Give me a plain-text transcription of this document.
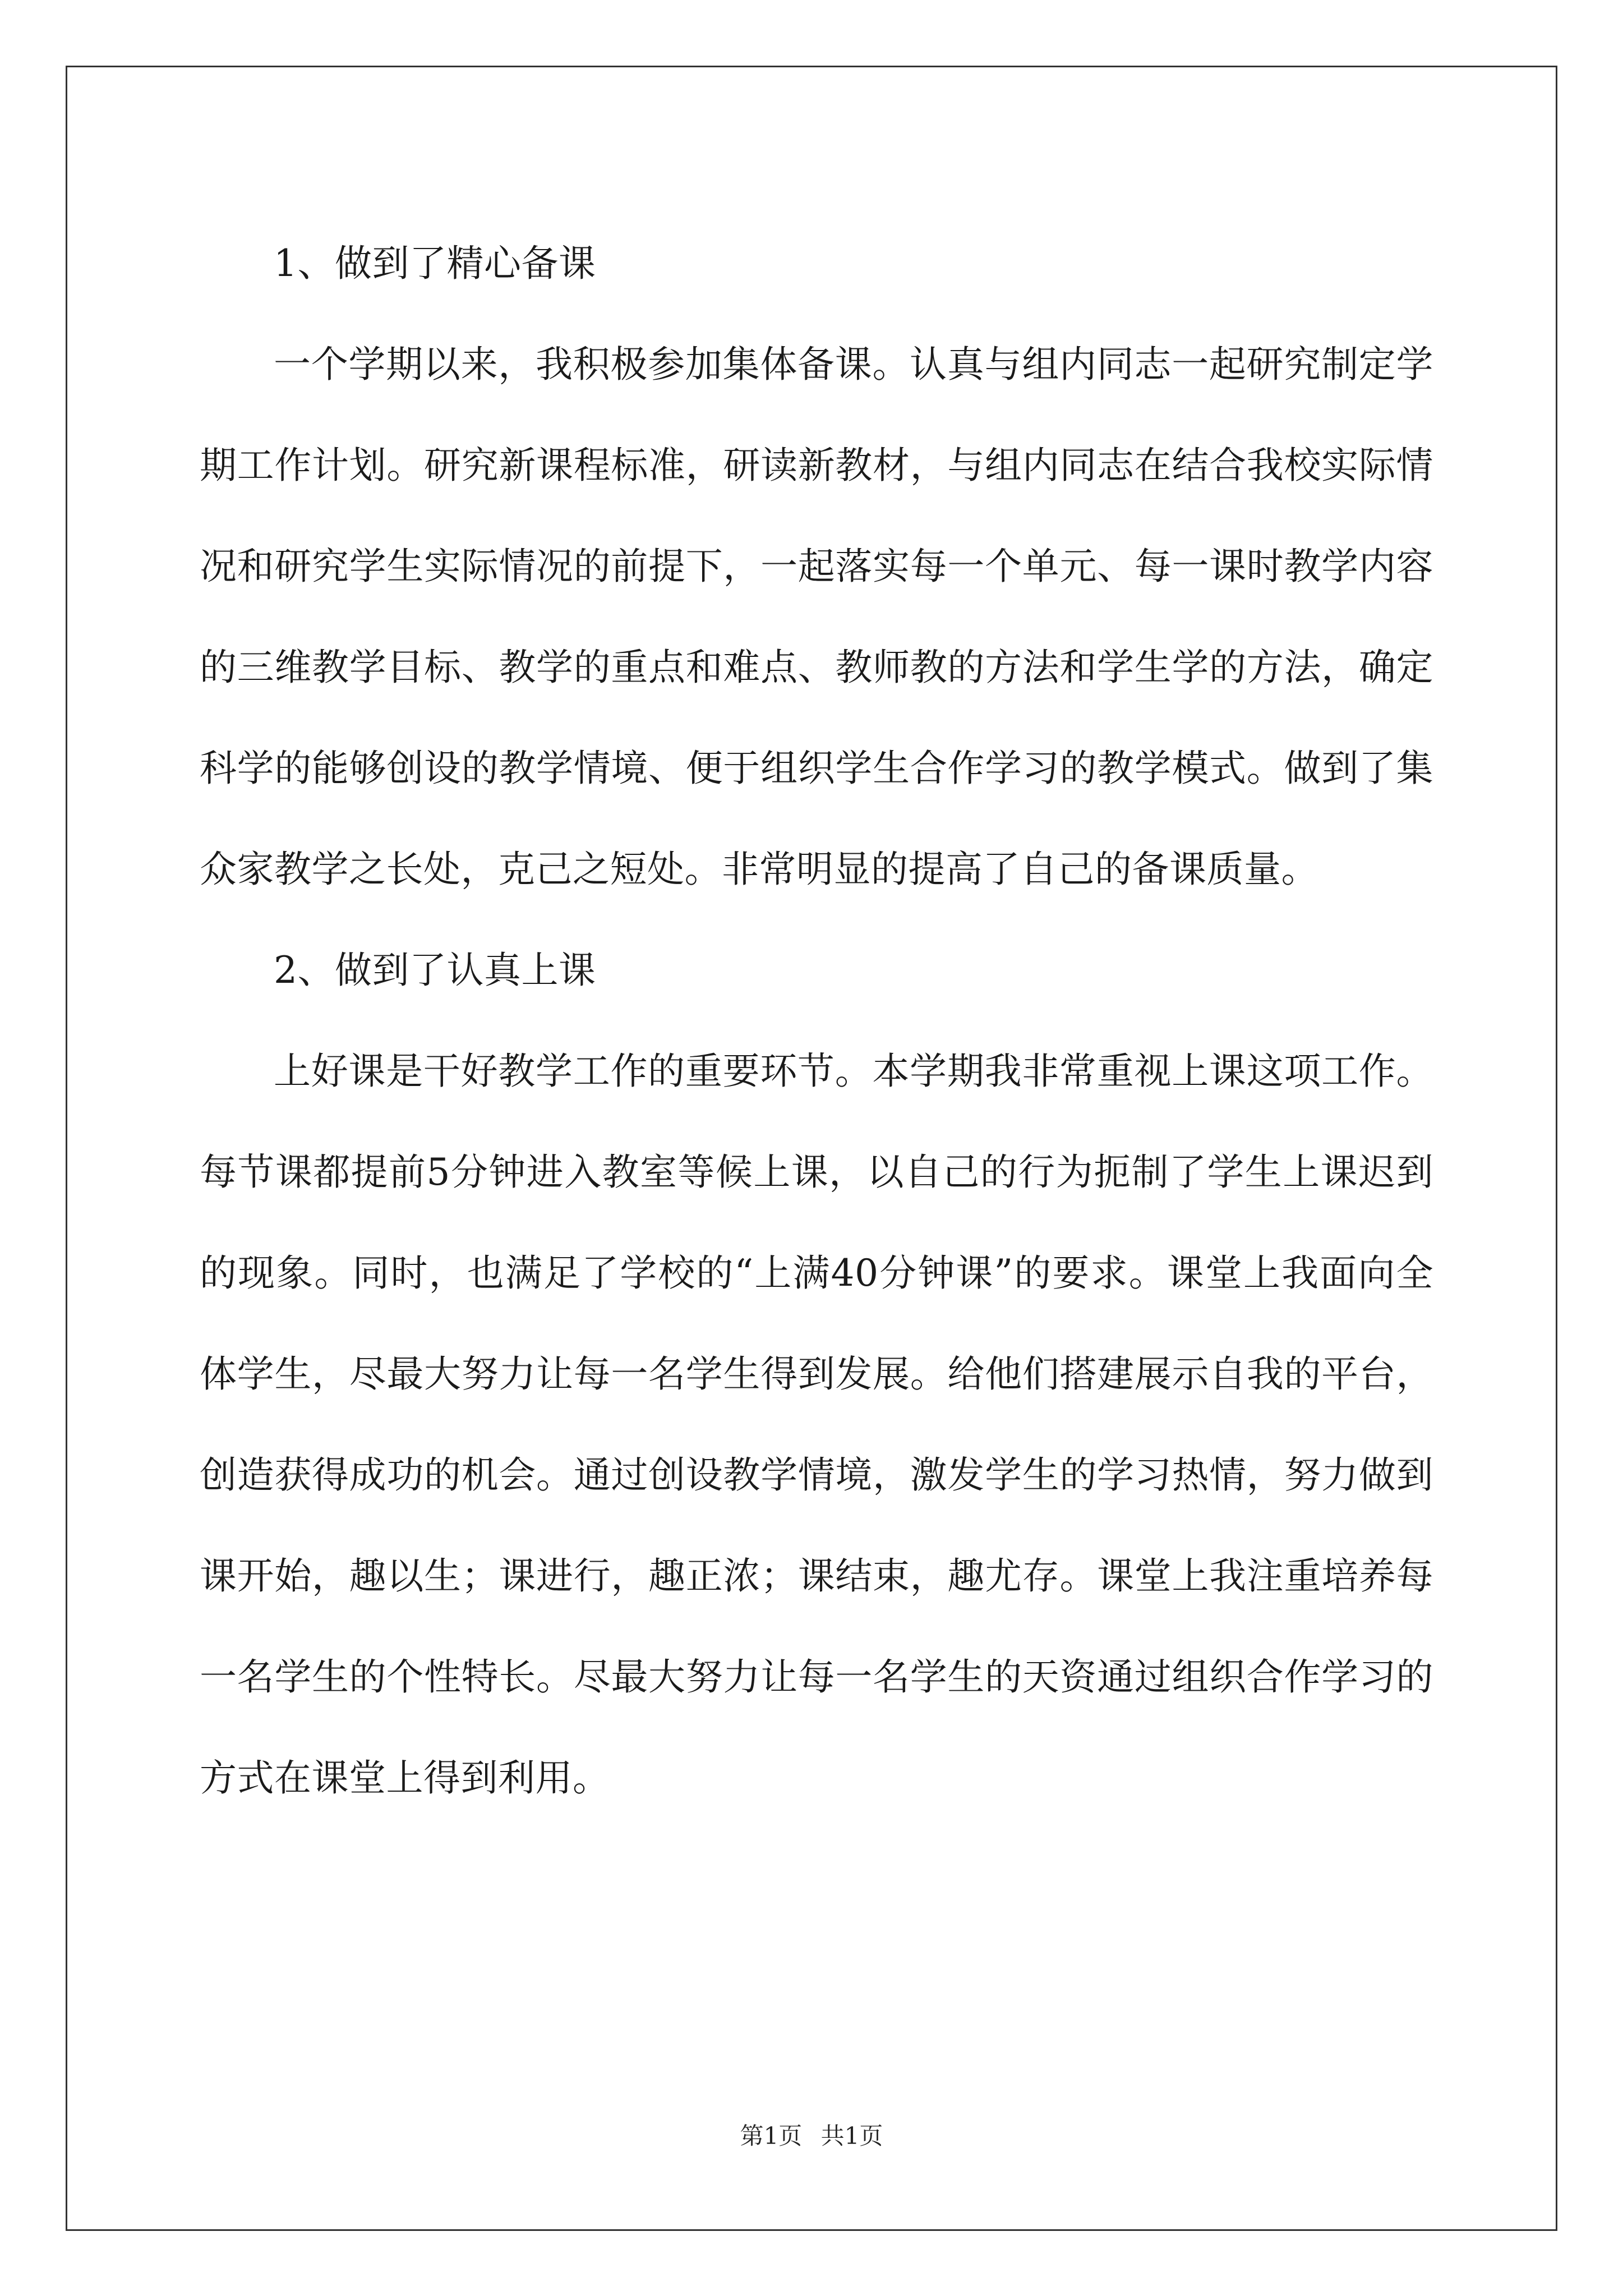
1、做到了精心备课

一个学期以来，我积极参加集体备课。认真与组内同志一起研究制定学期工作计划。研究新课程标准，研读新教材，与组内同志在结合我校实际情况和研究学生实际情况的前提下，一起落实每一个单元、每一课时教学内容的三维教学目标、教学的重点和难点、教师教的方法和学生学的方法，确定科学的能够创设的教学情境、便于组织学生合作学习的教学模式。做到了集众家教学之长处，克己之短处。非常明显的提高了自己的备课质量。

2、做到了认真上课

上好课是干好教学工作的重要环节。本学期我非常重视上课这项工作。每节课都提前5分钟进入教室等候上课，以自己的行为扼制了学生上课迟到的现象。同时，也满足了学校的“上满40分钟课”的要求。课堂上我面向全体学生，尽最大努力让每一名学生得到发展。给他们搭建展示自我的平台，创造获得成功的机会。通过创设教学情境，激发学生的学习热情，努力做到课开始，趣以生；课进行，趣正浓；课结束，趣尤存。课堂上我注重培养每一名学生的个性特长。尽最大努力让每一名学生的天资通过组织合作学习的方式在课堂上得到利用。

第1页 共1页
